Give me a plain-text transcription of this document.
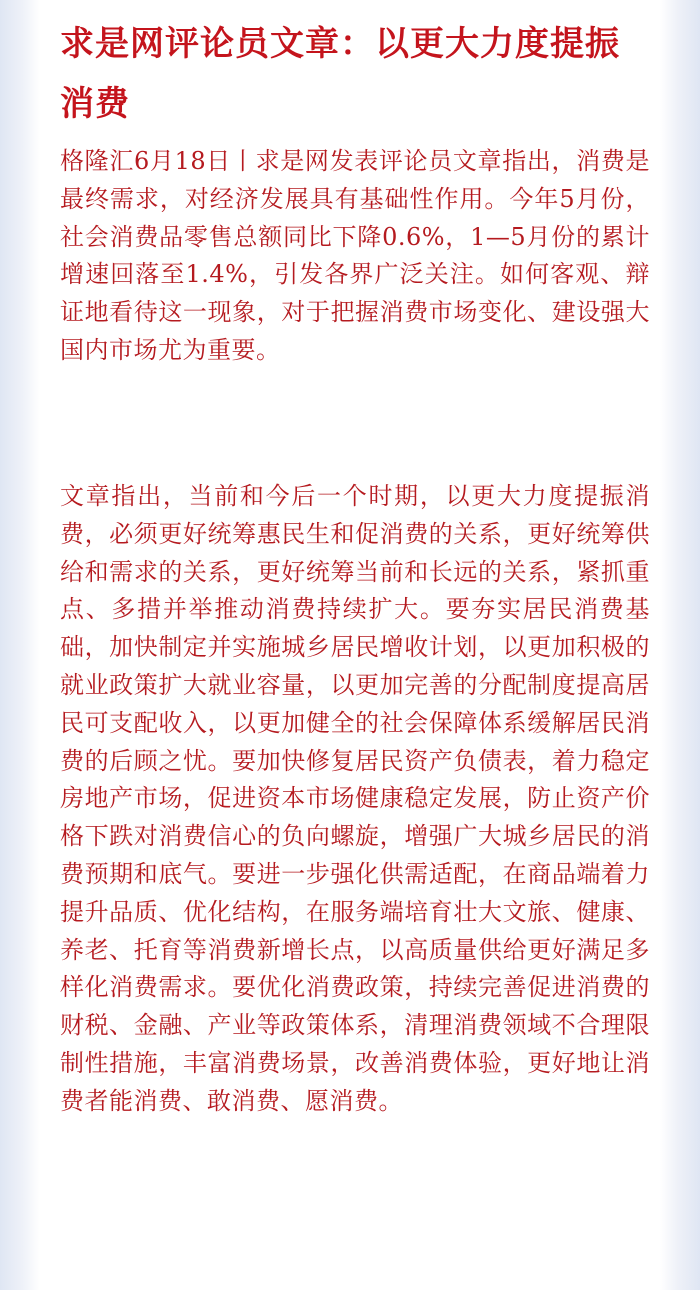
求是网评论员文章：以更大力度提振消费

格隆汇6月18日丨求是网发表评论员文章指出，消费是最终需求，对经济发展具有基础性作用。今年5月份，社会消费品零售总额同比下降0.6%，1—5月份的累计增速回落至1.4%，引发各界广泛关注。如何客观、辩证地看待这一现象，对于把握消费市场变化、建设强大国内市场尤为重要。

文章指出，当前和今后一个时期，以更大力度提振消费，必须更好统筹惠民生和促消费的关系，更好统筹供给和需求的关系，更好统筹当前和长远的关系，紧抓重点、多措并举推动消费持续扩大。要夯实居民消费基础，加快制定并实施城乡居民增收计划，以更加积极的就业政策扩大就业容量，以更加完善的分配制度提高居民可支配收入，以更加健全的社会保障体系缓解居民消费的后顾之忧。要加快修复居民资产负债表，着力稳定房地产市场，促进资本市场健康稳定发展，防止资产价格下跌对消费信心的负向螺旋，增强广大城乡居民的消费预期和底气。要进一步强化供需适配，在商品端着力提升品质、优化结构，在服务端培育壮大文旅、健康、养老、托育等消费新增长点，以高质量供给更好满足多样化消费需求。要优化消费政策，持续完善促进消费的财税、金融、产业等政策体系，清理消费领域不合理限制性措施，丰富消费场景，改善消费体验，更好地让消费者能消费、敢消费、愿消费。
